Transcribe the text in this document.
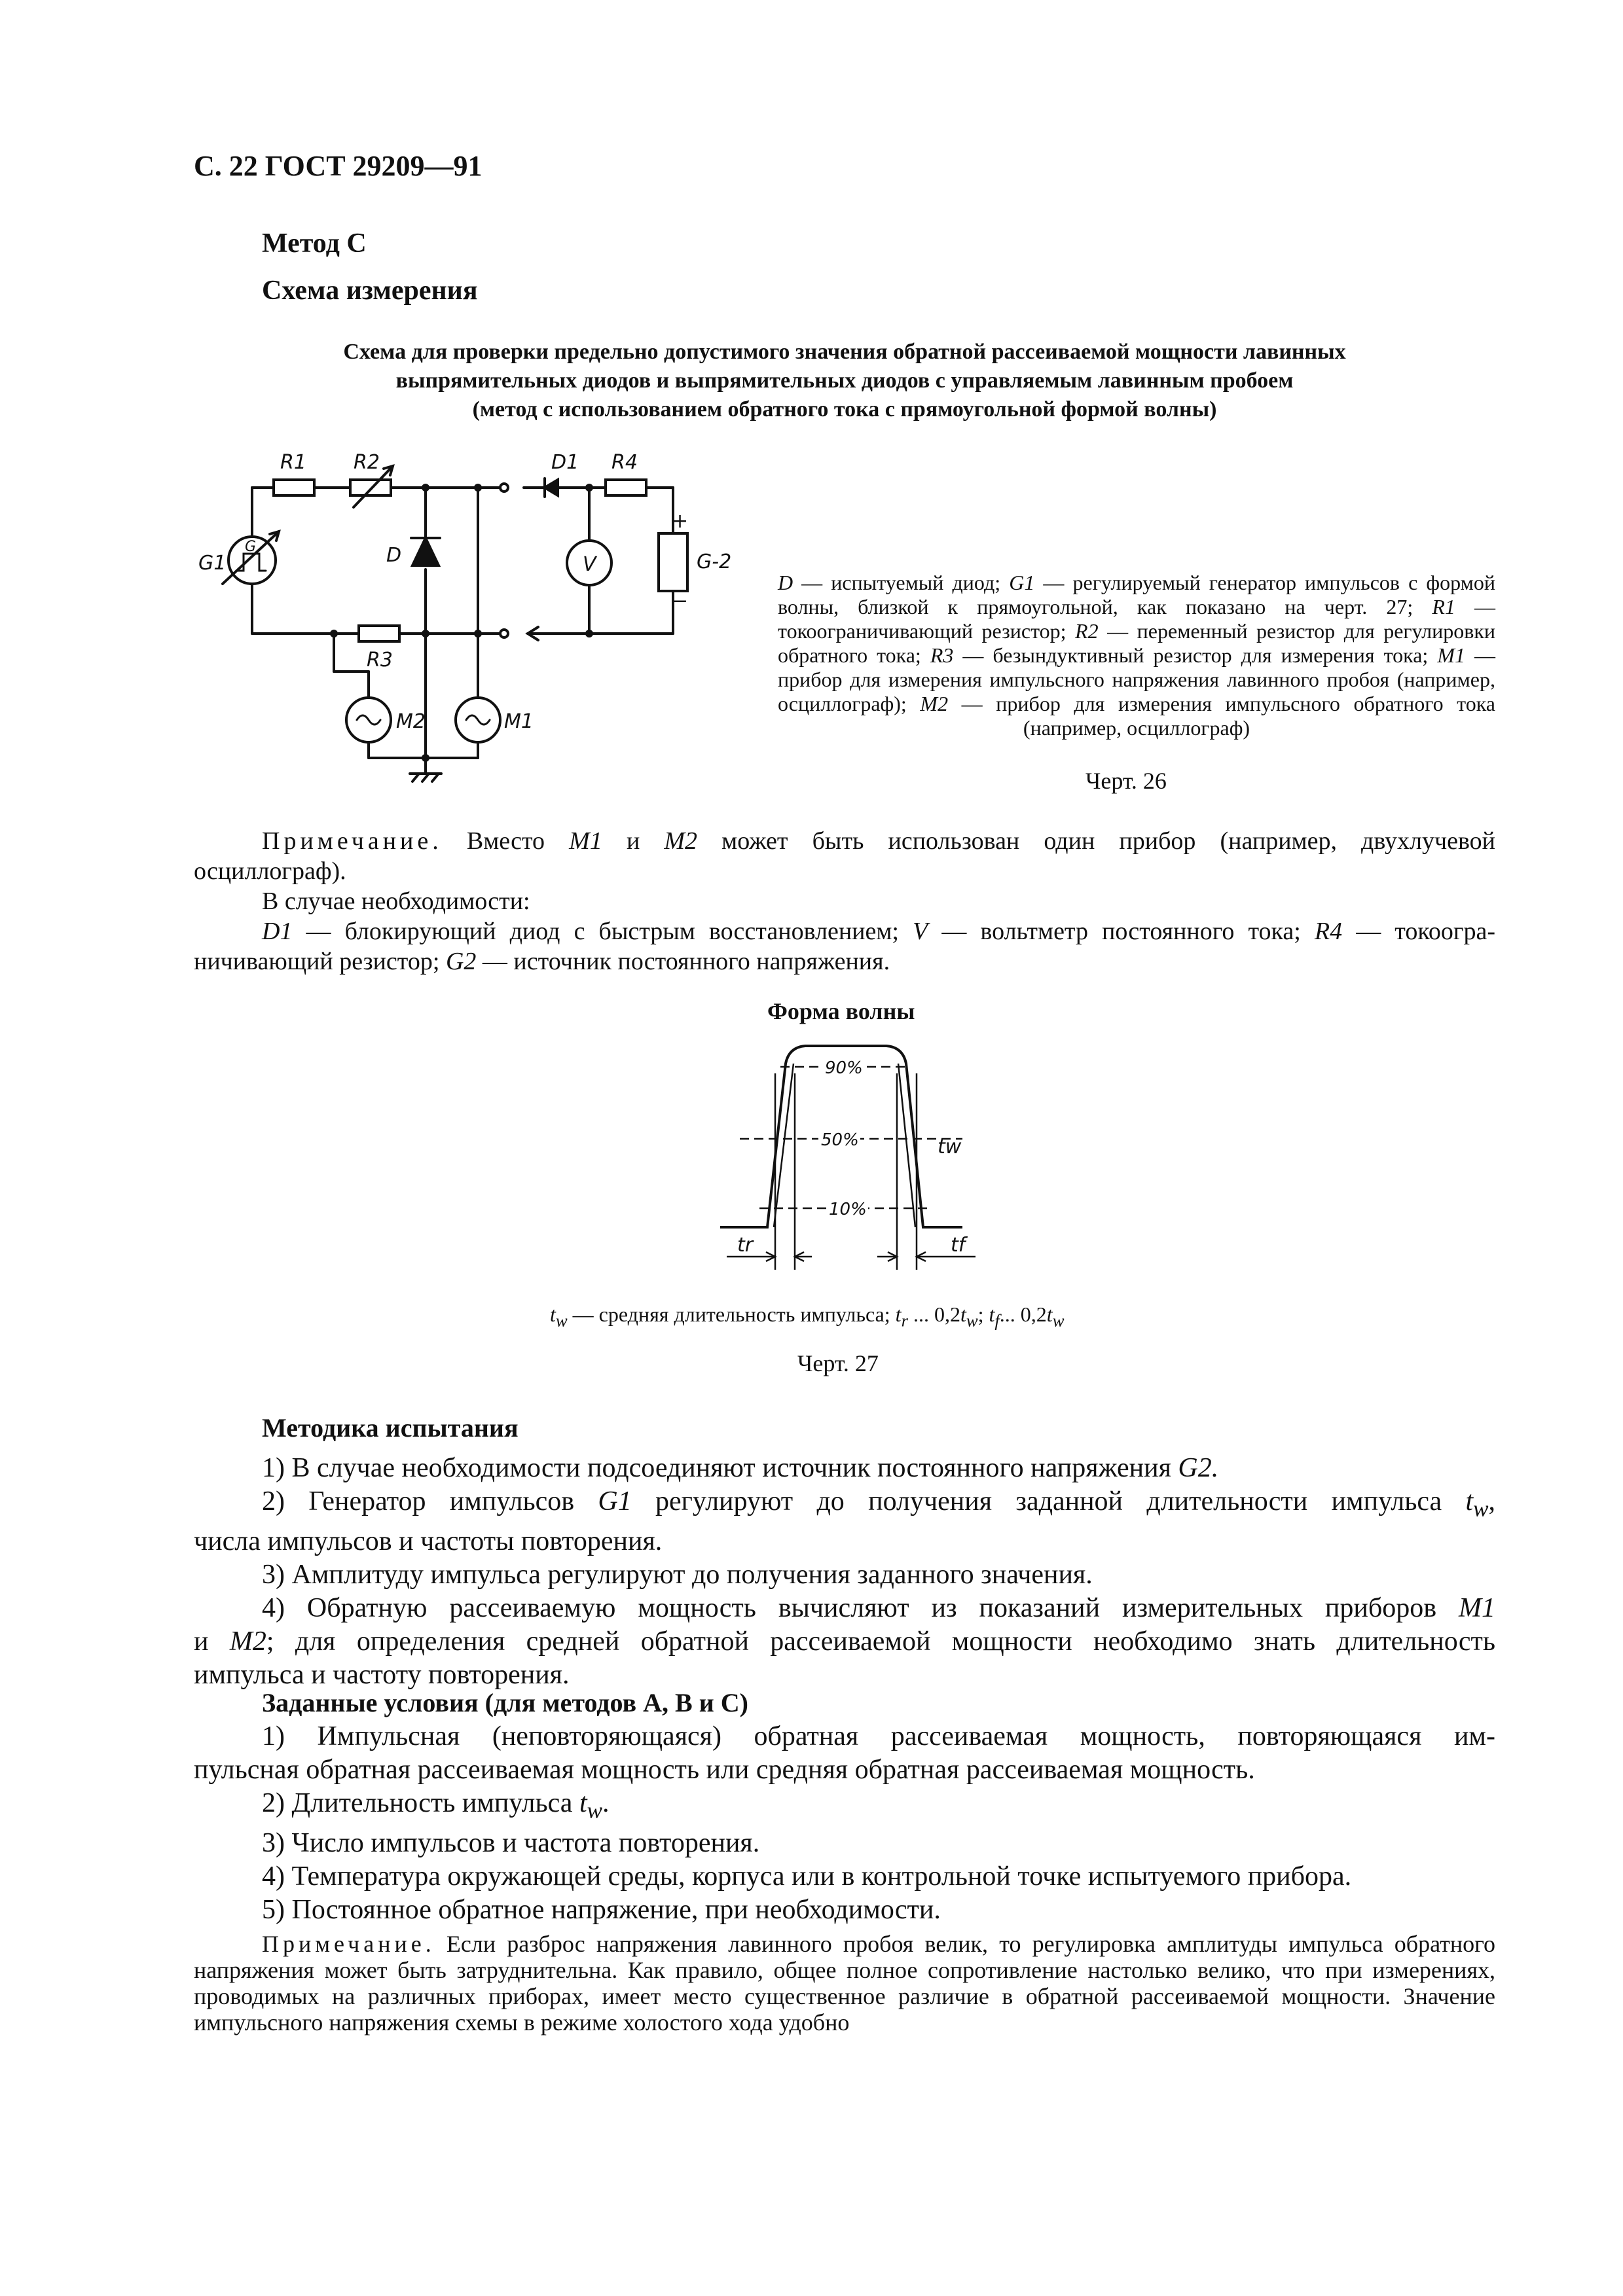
С. 22 ГОСТ 29209—91
Метод С
Схема измерения
Схема для проверки предельно допустимого значения обратной рассеиваемой мощности лавинных
выпрямительных диодов и выпрямительных диодов с управляемым лавинным пробоем
(метод с использованием обратного тока с прямоугольной формой волны)
R1 R2
R3
R4
D
D1
G1
G
G-2
V
M1
M2
+
−
D — испытуемый диод; G1 — регулируемый генератор импульсов с формой волны, близкой к прямоугольной, как показано на черт. 27; R1 — токоограничивающий резистор; R2 — переменный резистор для регулировки обратного тока; R3 — безындуктивный резистор для измерения тока; M1 — прибор для измерения импульсного напряжения лавинного пробоя (например, осциллограф); M2 — прибор для измерения импульсного обратного тока (например, осциллограф)
Черт. 26
Примечание. Вместо M1 и M2 может быть использован один прибор (например, двухлучевой
осциллограф).
В случае необходимости:
D1 — блокирующий диод с быстрым восстановлением; V — вольтметр постоянного тока; R4 — токоогра-
ничивающий резистор; G2 — источник постоянного напряжения.
Форма волны
90%
50%
10%
tw
tr	tf
$t_w$ — средняя длительность импульса; $t_r$ ... $0,2t_w$; $t_f$... $0,2t_w$
Черт. 27
Методика испытания
1) В случае необходимости подсоединяют источник постоянного напряжения G2.
2) Генератор импульсов G1 регулируют до получения заданной длительности импульса $t_w$,
числа импульсов и частоты повторения.
3) Амплитуду импульса регулируют до получения заданного значения.
4) Обратную рассеиваемую мощность вычисляют из показаний измерительных приборов M1
и M2; для определения средней обратной рассеиваемой мощности необходимо знать длительность
импульса и частоту повторения.
Заданные условия (для методов А, В и С)
1) Импульсная (неповторяющаяся) обратная рассеиваемая мощность, повторяющаяся им-
пульсная обратная рассеиваемая мощность или средняя обратная рассеиваемая мощность.
2) Длительность импульса $t_w$.
3) Число импульсов и частота повторения.
4) Температура окружающей среды, корпуса или в контрольной точке испытуемого прибора.
5) Постоянное обратное напряжение, при необходимости.
Примечание. Если разброс напряжения лавинного пробоя велик, то регулировка амплитуды импульса обратного напряжения может быть затруднительна. Как правило, общее полное сопротивление настолько велико, что при измерениях, проводимых на различных приборах, имеет место существенное различие в обратной рассеиваемой мощности. Значение импульсного напряжения схемы в режиме холостого хода удобно
